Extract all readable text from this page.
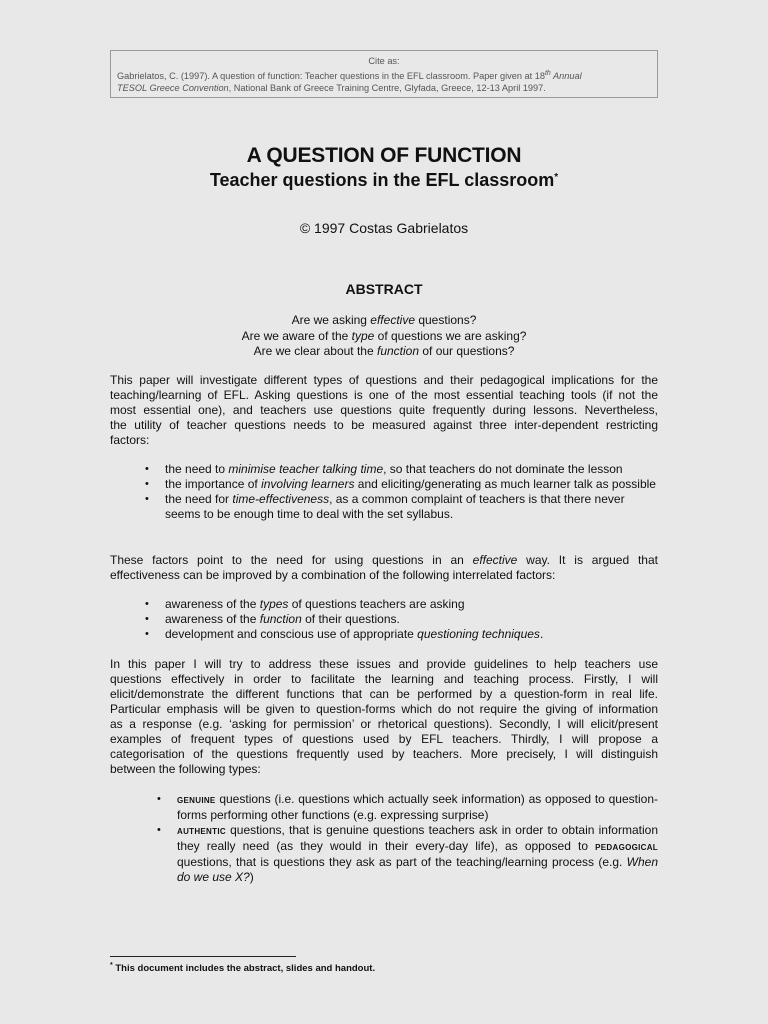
Cite as:
Gabrielatos, C. (1997). A question of function: Teacher questions in the EFL classroom. Paper given at 18th Annual
TESOL Greece Convention, National Bank of Greece Training Centre, Glyfada, Greece, 12-13 April 1997.
A QUESTION OF FUNCTION
Teacher questions in the EFL classroom*
© 1997 Costas Gabrielatos
ABSTRACT
Are we asking effective questions?
Are we aware of the type of questions we are asking?
Are we clear about the function of our questions?
This paper will investigate different types of questions and their pedagogical implications for the
teaching/learning of EFL. Asking questions is one of the most essential teaching tools (if not the
most essential one), and teachers use questions quite frequently during lessons. Nevertheless,
the utility of teacher questions needs to be measured against three inter-dependent restricting
factors:
• the need to minimise teacher talking time, so that teachers do not dominate the lesson
• the importance of involving learners and eliciting/generating as much learner talk as possible
• the need for time-effectiveness, as a common complaint of teachers is that there never seems to be enough time to deal with the set syllabus.
These factors point to the need for using questions in an effective way. It is argued that
effectiveness can be improved by a combination of the following interrelated factors:
• awareness of the types of questions teachers are asking
• awareness of the function of their questions.
• development and conscious use of appropriate questioning techniques.
In this paper I will try to address these issues and provide guidelines to help teachers use
questions effectively in order to facilitate the learning and teaching process. Firstly, I will
elicit/demonstrate the different functions that can be performed by a question-form in real life.
Particular emphasis will be given to question-forms which do not require the giving of information
as a response (e.g. ‘asking for permission’ or rhetorical questions). Secondly, I will elicit/present
examples of frequent types of questions used by EFL teachers. Thirdly, I will propose a
categorisation of the questions frequently used by teachers. More precisely, I will distinguish
between the following types:
• genuine questions (i.e. questions which actually seek information) as opposed to question-forms performing other functions (e.g. expressing surprise)
• authentic questions, that is genuine questions teachers ask in order to obtain information they really need (as they would in their every-day life), as opposed to pedagogical questions, that is questions they ask as part of the teaching/learning process (e.g. When do we use X?)
* This document includes the abstract, slides and handout.
